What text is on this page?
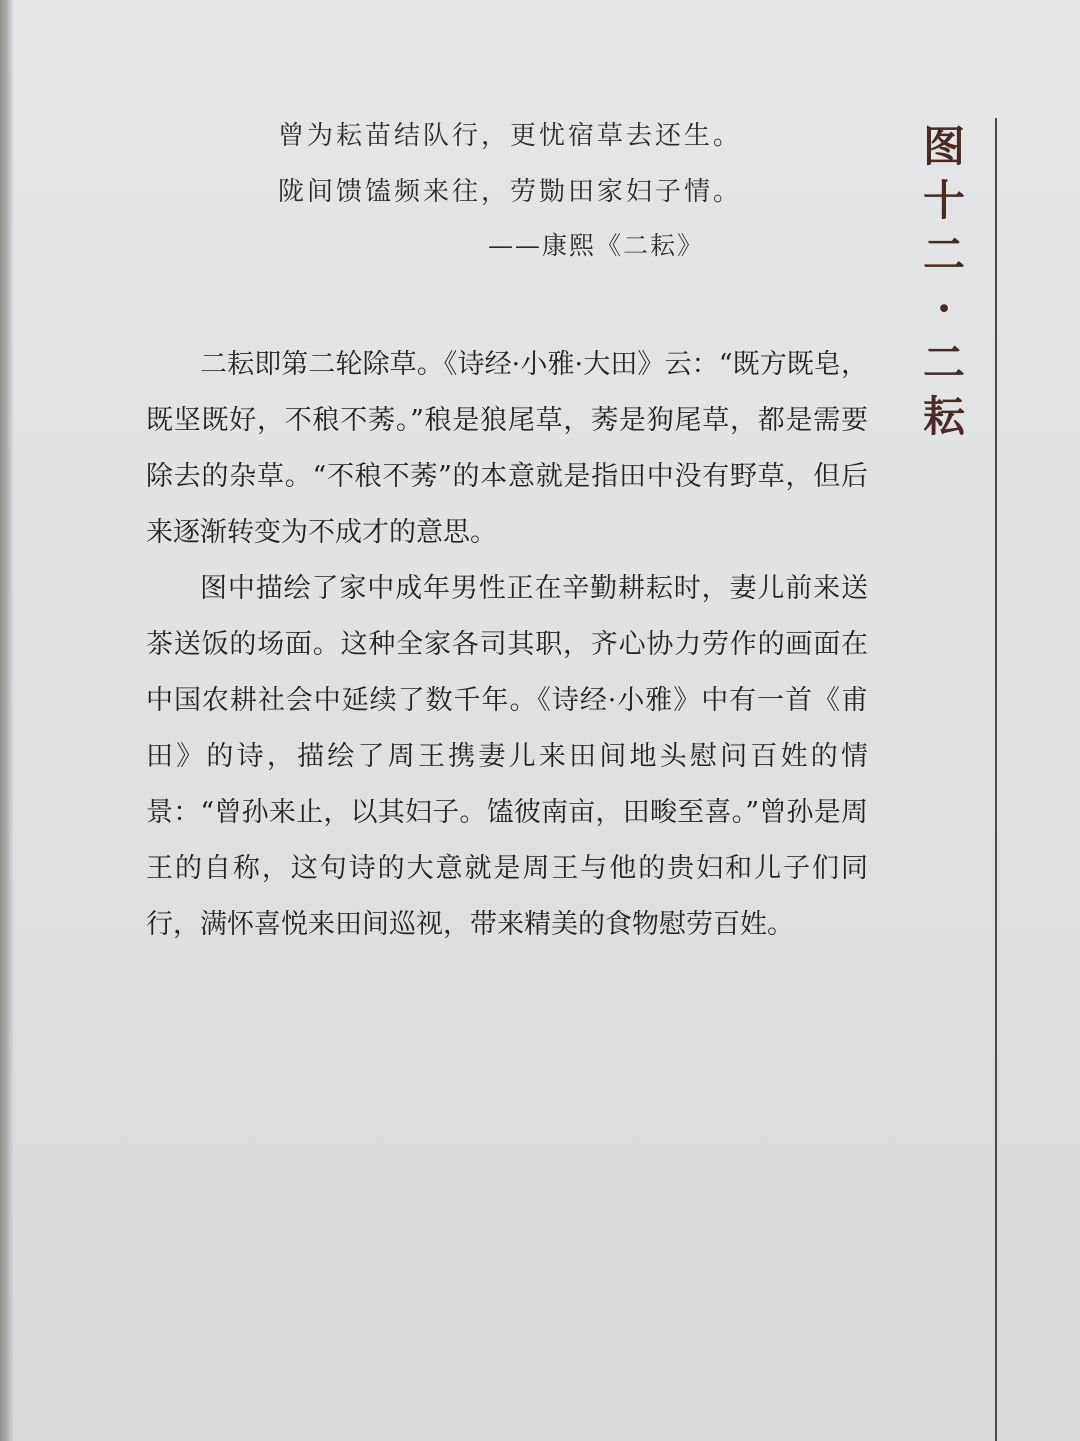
曾为耘苗结队行，更忧宿草去还生。
陇间馈馌频来往，劳勚田家妇子情。
——康熙《二耘》

二耘即第二轮除草。《诗经·小雅·大田》云：“既方既皂，既坚既好，不稂不莠。”稂是狼尾草，莠是狗尾草，都是需要除去的杂草。“不稂不莠”的本意就是指田中没有野草，但后来逐渐转变为不成才的意思。

图中描绘了家中成年男性正在辛勤耕耘时，妻儿前来送茶送饭的场面。这种全家各司其职，齐心协力劳作的画面在中国农耕社会中延续了数千年。《诗经·小雅》中有一首《甫田》的诗，描绘了周王携妻儿来田间地头慰问百姓的情景：“曾孙来止，以其妇子。馌彼南亩，田畯至喜。”曾孙是周王的自称，这句诗的大意就是周王与他的贵妇和儿子们同行，满怀喜悦来田间巡视，带来精美的食物慰劳百姓。

图
十
二
·
二
耘
